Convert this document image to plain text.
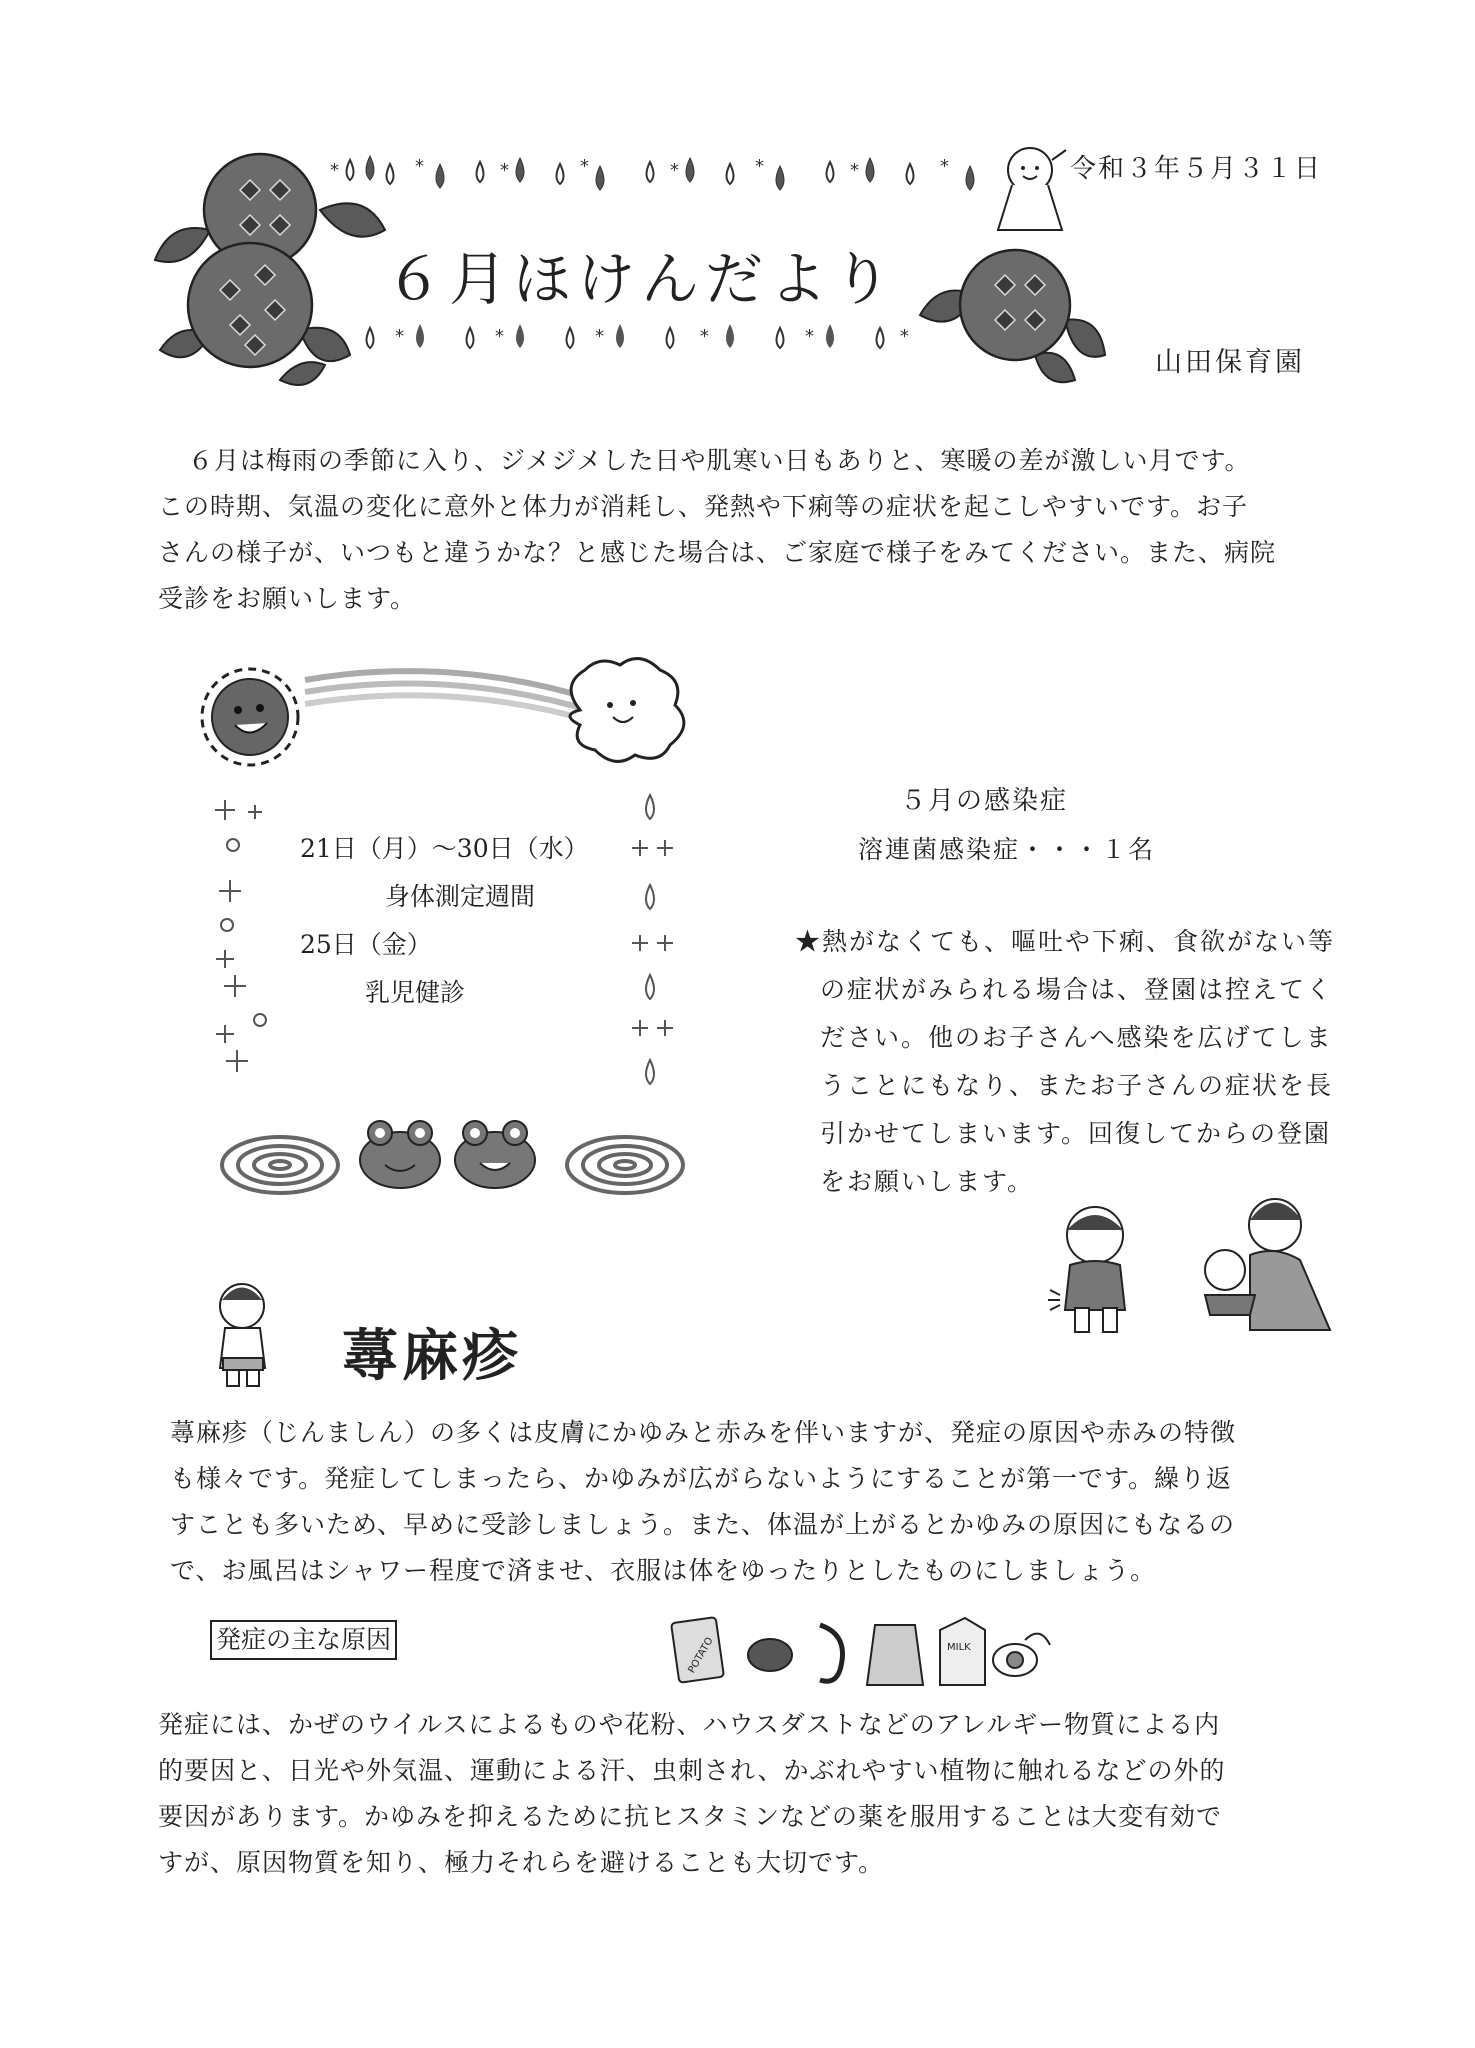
*	*	*	*	*	*	*	*
*	*	*	*	*	*
６月ほけんだより
令和３年５月３１日
山田保育園
６月は梅雨の季節に入り、ジメジメした日や肌寒い日もありと、寒暖の差が激しい月です。
この時期、気温の変化に意外と体力が消耗し、発熱や下痢等の症状を起こしやすいです。お子
さんの様子が、いつもと違うかな？と感じた場合は、ご家庭で様子をみてください。また、病院
受診をお願いします。
21日（月）～30日（水）
身体測定週間
25日（金）
乳児健診
５月の感染症
溶連菌感染症・・・１名
★熱がなくても、嘔吐や下痢、食欲がない等
の症状がみられる場合は、登園は控えてく
ださい。他のお子さんへ感染を広げてしま
うことにもなり、またお子さんの症状を長
引かせてしまいます。回復してからの登園
をお願いします。
蕁麻疹
蕁麻疹（じんましん）の多くは皮膚にかゆみと赤みを伴いますが、発症の原因や赤みの特徴
も様々です。発症してしまったら、かゆみが広がらないようにすることが第一です。繰り返
すことも多いため、早めに受診しましょう。また、体温が上がるとかゆみの原因にもなるの
で、お風呂はシャワー程度で済ませ、衣服は体をゆったりとしたものにしましょう。
発症の主な原因	POTATO	MILK
発症には、かぜのウイルスによるものや花粉、ハウスダストなどのアレルギー物質による内
的要因と、日光や外気温、運動による汗、虫刺され、かぶれやすい植物に触れるなどの外的
要因があります。かゆみを抑えるために抗ヒスタミンなどの薬を服用することは大変有効で
すが、原因物質を知り、極力それらを避けることも大切です。
